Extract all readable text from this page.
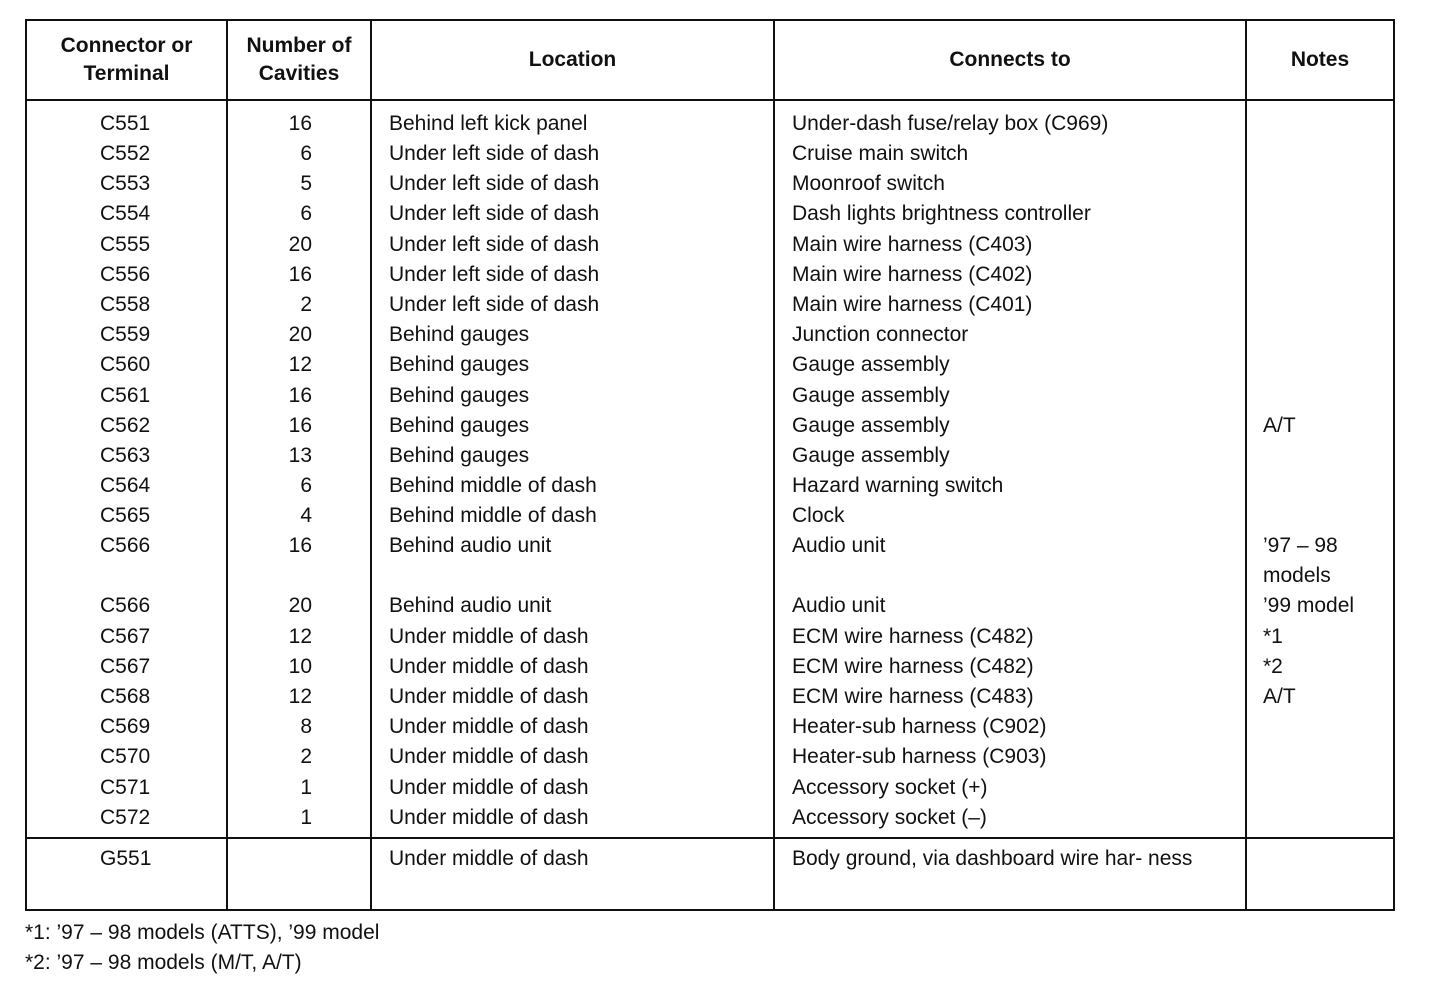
Connector or Terminal	Number of Cavities	Location	Connects to	Notes
C551	16	Behind left kick panel	Under-dash fuse/relay box (C969)	
C552	6	Under left side of dash	Cruise main switch	
C553	5	Under left side of dash	Moonroof switch	
C554	6	Under left side of dash	Dash lights brightness controller	
C555	20	Under left side of dash	Main wire harness (C403)	
C556	16	Under left side of dash	Main wire harness (C402)	
C558	2	Under left side of dash	Main wire harness (C401)	
C559	20	Behind gauges	Junction connector	
C560	12	Behind gauges	Gauge assembly	
C561	16	Behind gauges	Gauge assembly	
C562	16	Behind gauges	Gauge assembly	A/T
C563	13	Behind gauges	Gauge assembly	
C564	6	Behind middle of dash	Hazard warning switch	
C565	4	Behind middle of dash	Clock	
C566	16	Behind audio unit	Audio unit	’97 – 98 models
C566	20	Behind audio unit	Audio unit	’99 model
C567	12	Under middle of dash	ECM wire harness (C482)	*1
C567	10	Under middle of dash	ECM wire harness (C482)	*2
C568	12	Under middle of dash	ECM wire harness (C483)	A/T
C569	8	Under middle of dash	Heater-sub harness (C902)	
C570	2	Under middle of dash	Heater-sub harness (C903)	
C571	1	Under middle of dash	Accessory socket (+)	
C572	1	Under middle of dash	Accessory socket (–)	
G551		Under middle of dash	Body ground, via dashboard wire har- ness	
*1: ’97 – 98 models (ATTS), ’99 model
*2: ’97 – 98 models (M/T, A/T)
